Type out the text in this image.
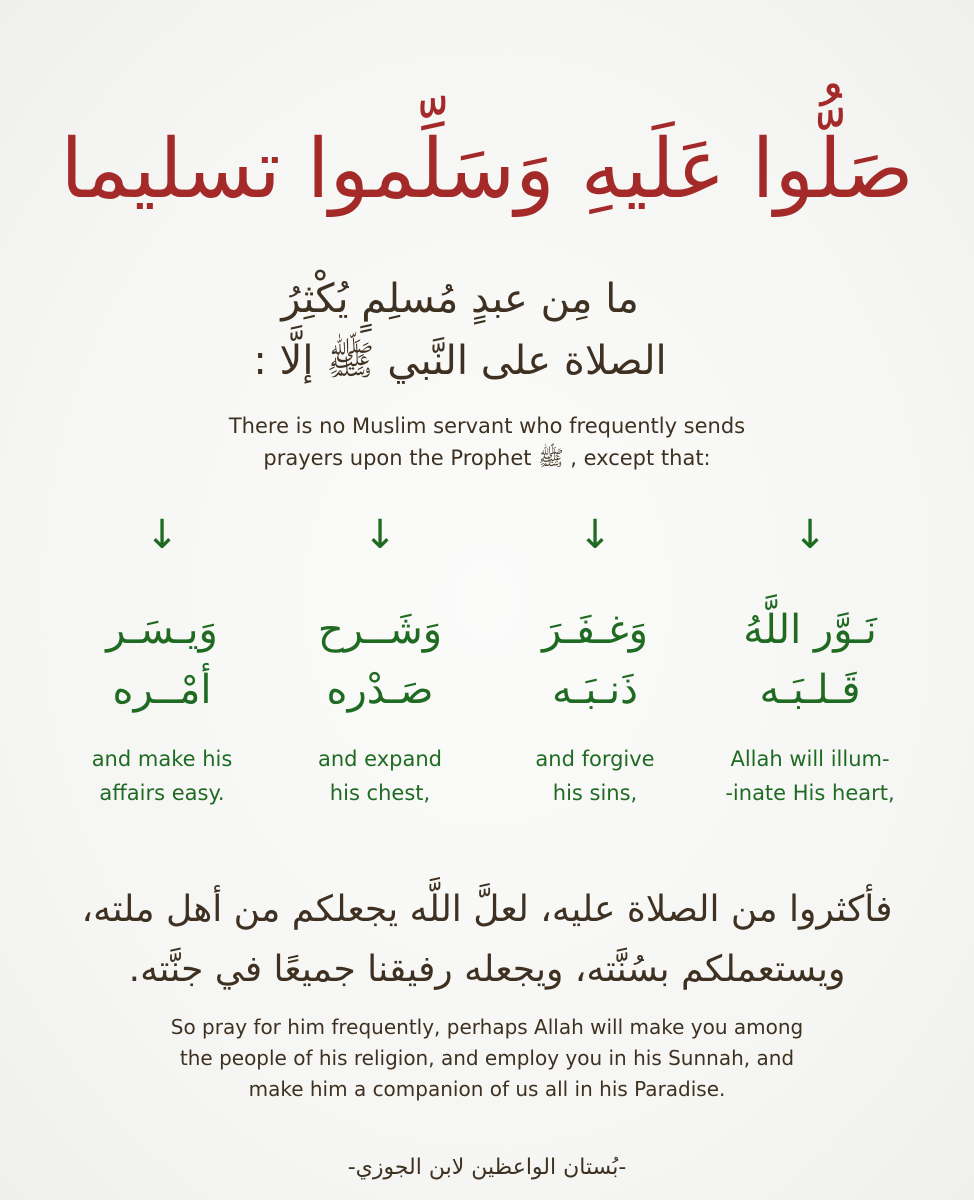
صَلُّوا عَلَيهِ وَسَلِّموا تسليما
ما مِن عبدٍ مُسلِمٍ يُكْثِرُ
الصلاة على النَّبي ﷺ إلَّا :
There is no Muslim servant who frequently sends
prayers upon the Prophet ﷺ , except that:
↓
نَـوَّر اللَّهُ
قَـلـبَـه
Allah will illum-
-inate His heart,
↓
وَغـفَـرَ
ذَنـبَـه
and forgive
his sins,
↓
وَشَــرح
صَـدْره
and expand
his chest,
↓
وَيـسَـر
أمْــره
and make his
affairs easy.
فأكثروا من الصلاة عليه، لعلَّ اللَّه يجعلكم من أهل ملته،
ويستعملكم بسُنَّته، ويجعله رفيقنا جميعًا في جنَّته.
So pray for him frequently, perhaps Allah will make you among
the people of his religion, and employ you in his Sunnah, and
make him a companion of us all in his Paradise.
-بُستان الواعظين لابن الجوزي-
